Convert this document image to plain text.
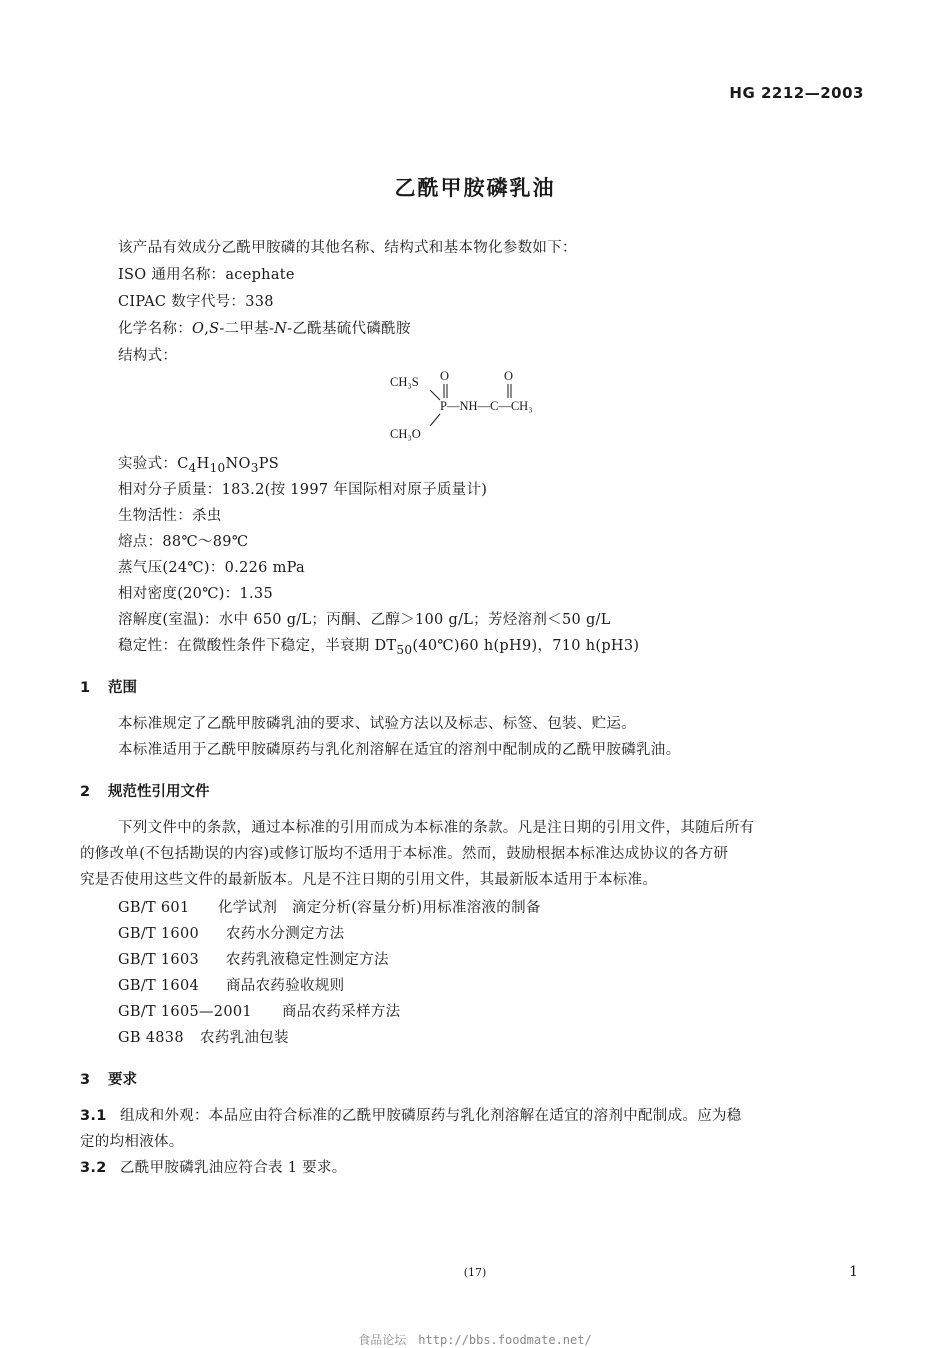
HG 2212—2003
乙酰甲胺磷乳油
该产品有效成分乙酰甲胺磷的其他名称、结构式和基本物化参数如下：
ISO 通用名称：acephate
CIPAC 数字代号：338
化学名称：O,S-二甲基-N-乙酰基硫代磷酰胺
结构式：
CH₃S O	O
P—NH—C—CH₃
CH₃O
实验式：$C_4H_{10}NO_3PS$
相对分子质量：183.2(按 1997 年国际相对原子质量计)
生物活性：杀虫
熔点：88℃～89℃
蒸气压(24℃)：0.226 mPa
相对密度(20℃)：1.35
溶解度(室温)：水中 650 g/L；丙酮、乙醇＞100 g/L；芳烃溶剂＜50 g/L
稳定性：在微酸性条件下稳定，半衰期 $DT_{50}(40℃)60$ h(pH9)，710 h(pH3)
1 范围
本标准规定了乙酰甲胺磷乳油的要求、试验方法以及标志、标签、包装、贮运。
本标准适用于乙酰甲胺磷原药与乳化剂溶解在适宜的溶剂中配制成的乙酰甲胺磷乳油。
2 规范性引用文件
下列文件中的条款，通过本标准的引用而成为本标准的条款。凡是注日期的引用文件，其随后所有
的修改单(不包括勘误的内容)或修订版均不适用于本标准。然而，鼓励根据本标准达成协议的各方研
究是否使用这些文件的最新版本。凡是不注日期的引用文件，其最新版本适用于本标准。
GB/T 601 化学试剂　滴定分析(容量分析)用标准溶液的制备
GB/T 1600 农药水分测定方法
GB/T 1603 农药乳液稳定性测定方法
GB/T 1604 商品农药验收规则
GB/T 1605—2001 商品农药采样方法
GB 4838 农药乳油包装
3 要求
3.1 组成和外观：本品应由符合标准的乙酰甲胺磷原药与乳化剂溶解在适宜的溶剂中配制成。应为稳
定的均相液体。
3.2 乙酰甲胺磷乳油应符合表 1 要求。
(17)	1
食品论坛　http://bbs.foodmate.net/
